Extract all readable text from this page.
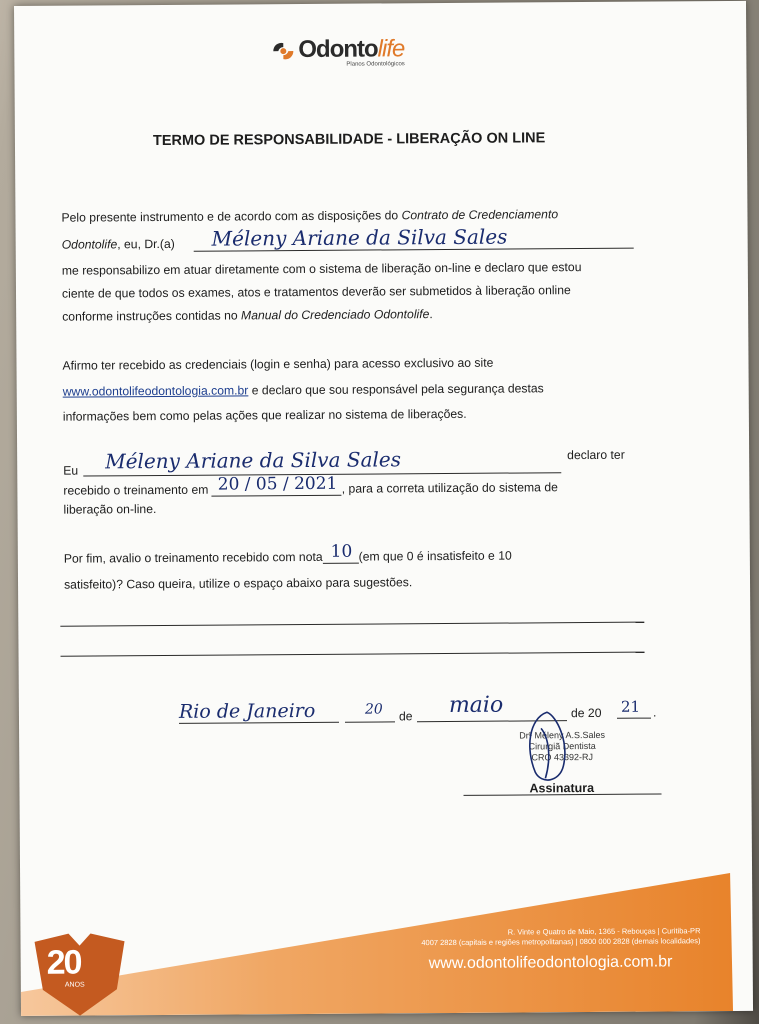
Odontolife
Planos Odontológicos
TERMO DE RESPONSABILIDADE - LIBERAÇÃO ON LINE
Pelo presente instrumento e de acordo com as disposições do Contrato de Credenciamento
Odontolife, eu, Dr.(a) Méleny Ariane da Silva Sales
me responsabilizo em atuar diretamente com o sistema de liberação on-line e declaro que estou
ciente de que todos os exames, atos e tratamentos deverão ser submetidos à liberação online
conforme instruções contidas no Manual do Credenciado Odontolife.
Afirmo ter recebido as credenciais (login e senha) para acesso exclusivo ao site
www.odontolifeodontologia.com.br e declaro que sou responsável pela segurança destas
informações bem como pelas ações que realizar no sistema de liberações.
Eu Méleny Ariane da Silva Sales	declaro ter
recebido o treinamento em 20 / 05 / 2021 , para a correta utilização do sistema de
liberação on-line.
Por fim, avalio o treinamento recebido com nota 10 (em que 0 é insatisfeito e 10
satisfeito)? Caso queira, utilize o espaço abaixo para sugestões.
Rio de Janeiro	20 de maio	de 20 21 .
Drª Méleny A.S.Sales
Cirurgiã Dentista
CRO 43392-RJ
Assinatura
20
ANOS
R. Vinte e Quatro de Maio, 1365 - Rebouças | Curitiba-PR
4007 2828 (capitais e regiões metropolitanas) | 0800 000 2828 (demais localidades)
www.odontolifeodontologia.com.br
